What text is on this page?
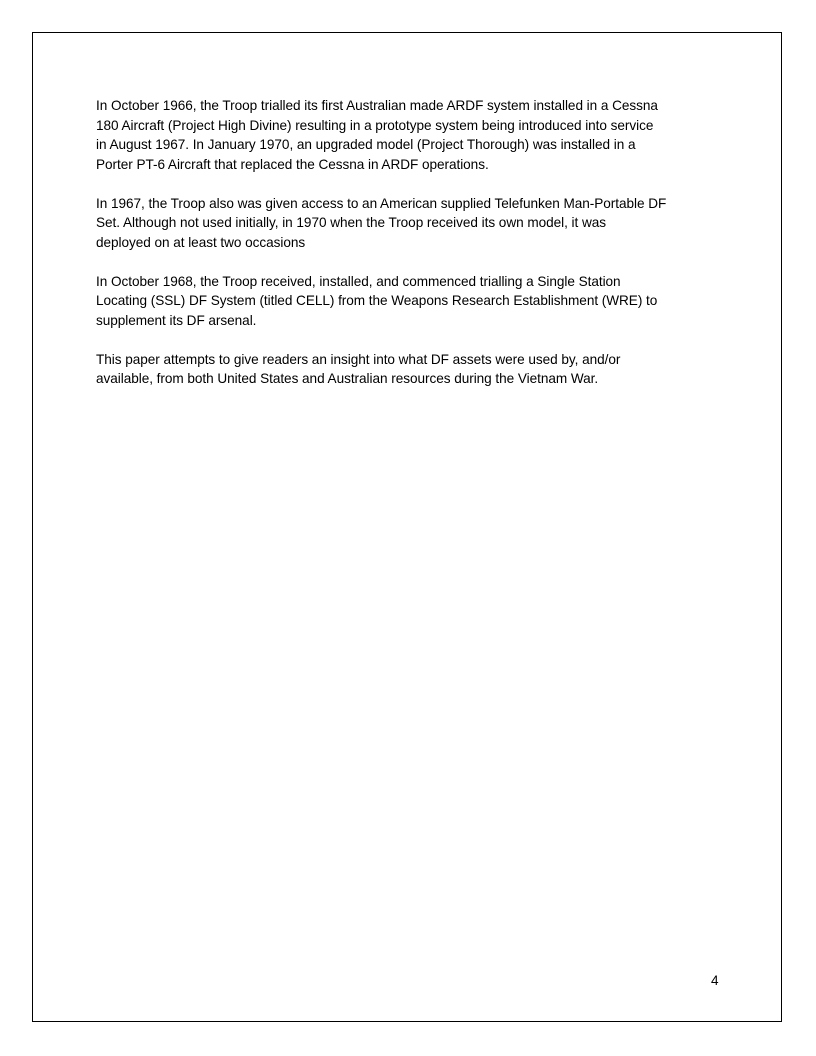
In October 1966, the Troop trialled its first Australian made ARDF system installed in a Cessna
180 Aircraft (Project High Divine) resulting in a prototype system being introduced into service
in August 1967. In January 1970, an upgraded model (Project Thorough) was installed in a
Porter PT-6 Aircraft that replaced the Cessna in ARDF operations.

In 1967, the Troop also was given access to an American supplied Telefunken Man-Portable DF
Set. Although not used initially, in 1970 when the Troop received its own model, it was
deployed on at least two occasions

In October 1968, the Troop received, installed, and commenced trialling a Single Station
Locating (SSL) DF System (titled CELL) from the Weapons Research Establishment (WRE) to
supplement its DF arsenal.

This paper attempts to give readers an insight into what DF assets were used by, and/or
available, from both United States and Australian resources during the Vietnam War.

4
